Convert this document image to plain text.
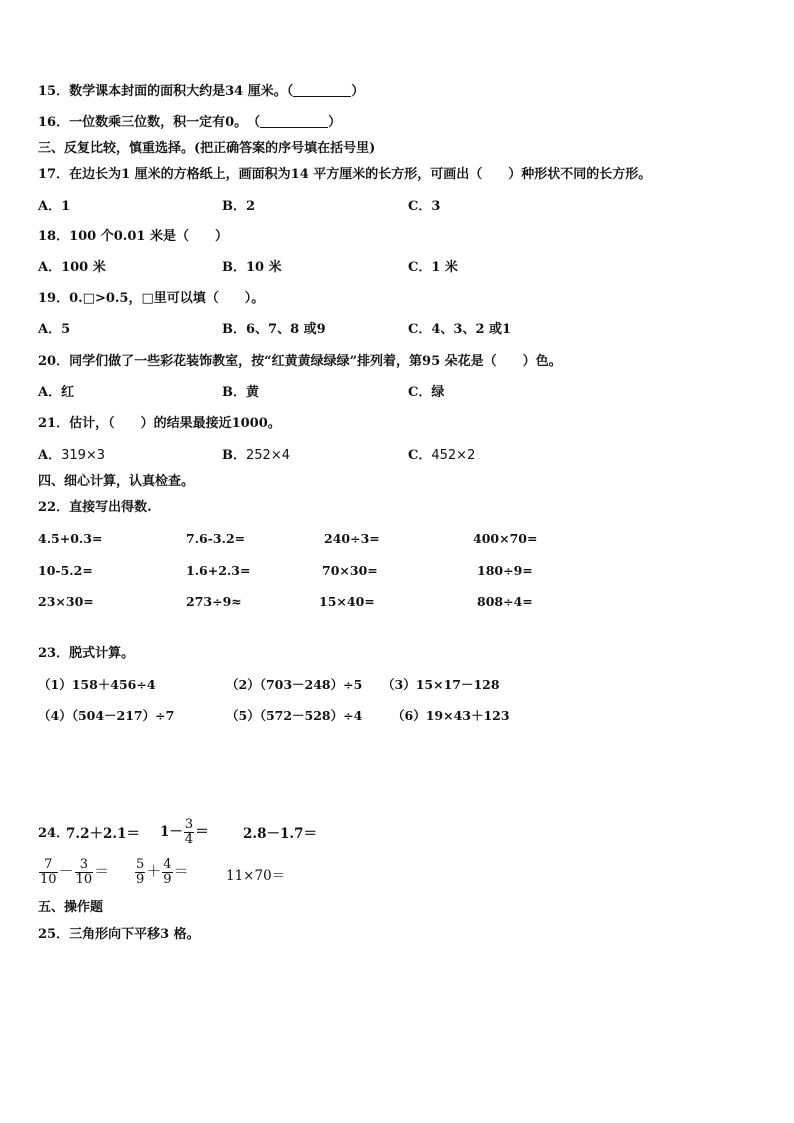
15．数学课本封面的面积大约是34 厘米。（	）
16．一位数乘三位数，积一定有0。　（	）
三、反复比较，慎重选择。(把正确答案的序号填在括号里)
17．在边长为1 厘米的方格纸上，画面积为14 平方厘米的长方形，可画出（　　）种形状不同的长方形。
A．1	B．2	C．3
18．100 个0.01 米是（　　）
A．100 米	B．10 米	C．1 米
19．0.□>0.5，□里可以填（　　）。
A．5	B．6、7、8 或9	C．4、3、2 或1
20．同学们做了一些彩花装饰教室，按“红黄黄绿绿绿”排列着，第95 朵花是（　　）色。
A．红	B．黄	C．绿
21．估计，（　　）的结果最接近1000。
A．319×3	B．252×4	C．452×2
四、细心计算，认真检查。
22．直接写出得数.
4.5+0.3=	7.6-3.2=	240÷3=	400×70=
10-5.2=	1.6+2.3=	70×30=	180÷9=
23×30=	273÷9≈	15×40=	808÷4=
23．脱式计算。
（1）158＋456÷4	（2）（703－248）÷5 （3）15×17－128
（4）（504－217）÷7	（5）（572－528）÷4 （6）19×43＋123
24．
$7.2+2.1= 1- \frac{3}{4}$ ＝	2.8－1.7＝
$\frac{7}{10} - \frac{3}{10} = \frac{5}{9} + \frac{4}{9}$ ＝	11×70＝
五、操作题
25．三角形向下平移3 格。
